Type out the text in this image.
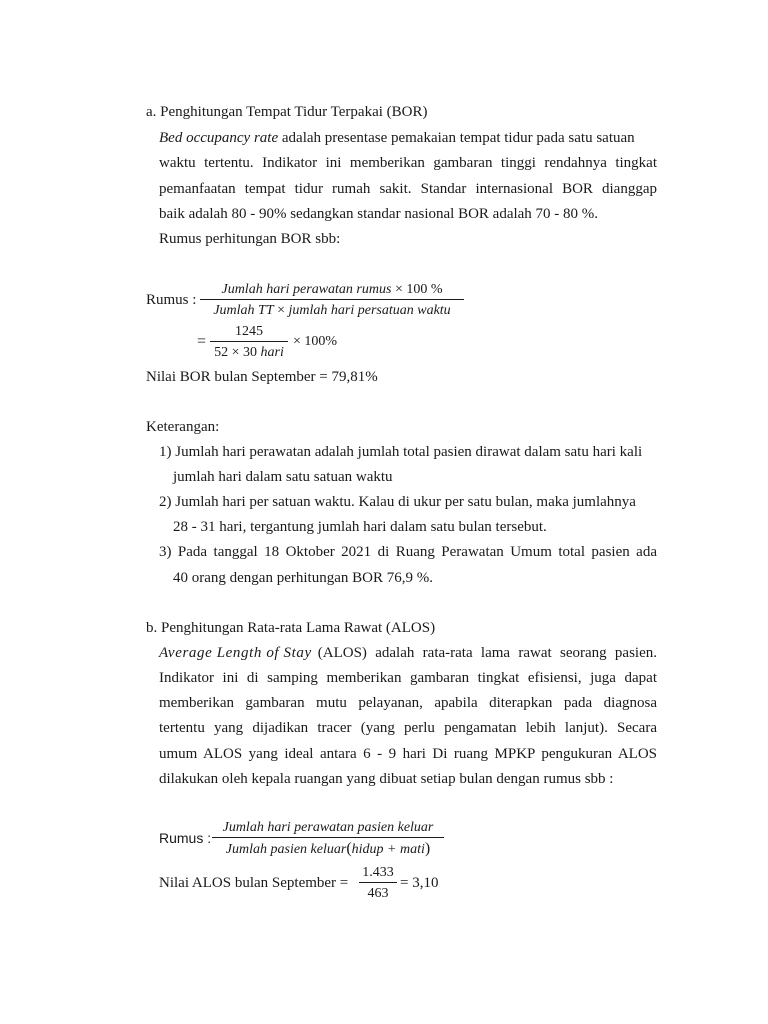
a. Penghitungan Tempat Tidur Terpakai (BOR)
Bed occupancy rate adalah presentase pemakaian tempat tidur pada satu satuan
waktu tertentu. Indikator ini memberikan gambaran tinggi rendahnya tingkat
pemanfaatan tempat tidur rumah sakit. Standar internasional BOR dianggap
baik adalah 80 - 90% sedangkan standar nasional BOR adalah 70 - 80 %.
Rumus perhitungan BOR sbb:
Rumus :
Jumlah hari perawatan rumus × 100 %
Jumlah TT × jumlah hari persatuan waktu
=
1245
52 × 30 hari
× 100%
Nilai BOR bulan September = 79,81%
Keterangan:
1) Jumlah hari perawatan adalah jumlah total pasien dirawat dalam satu hari kali
jumlah hari dalam satu satuan waktu
2) Jumlah hari per satuan waktu. Kalau di ukur per satu bulan, maka jumlahnya
28 - 31 hari, tergantung jumlah hari dalam satu bulan tersebut.
3) Pada tanggal 18 Oktober 2021 di Ruang Perawatan Umum total pasien ada
40 orang dengan perhitungan BOR 76,9 %.
b. Penghitungan Rata-rata Lama Rawat (ALOS)
Average Length of Stay (ALOS) adalah rata-rata lama rawat seorang pasien.
Indikator ini di samping memberikan gambaran tingkat efisiensi, juga dapat
memberikan gambaran mutu pelayanan, apabila diterapkan pada diagnosa
tertentu yang dijadikan tracer (yang perlu pengamatan lebih lanjut). Secara
umum ALOS yang ideal antara 6 - 9 hari Di ruang MPKP pengukuran ALOS
dilakukan oleh kepala ruangan yang dibuat setiap bulan dengan rumus sbb :
Rumus :
Jumlah hari perawatan pasien keluar
Jumlah pasien keluar(hidup + mati)
Nilai ALOS bulan September = $\frac{1.433}{463} = 3,10$
